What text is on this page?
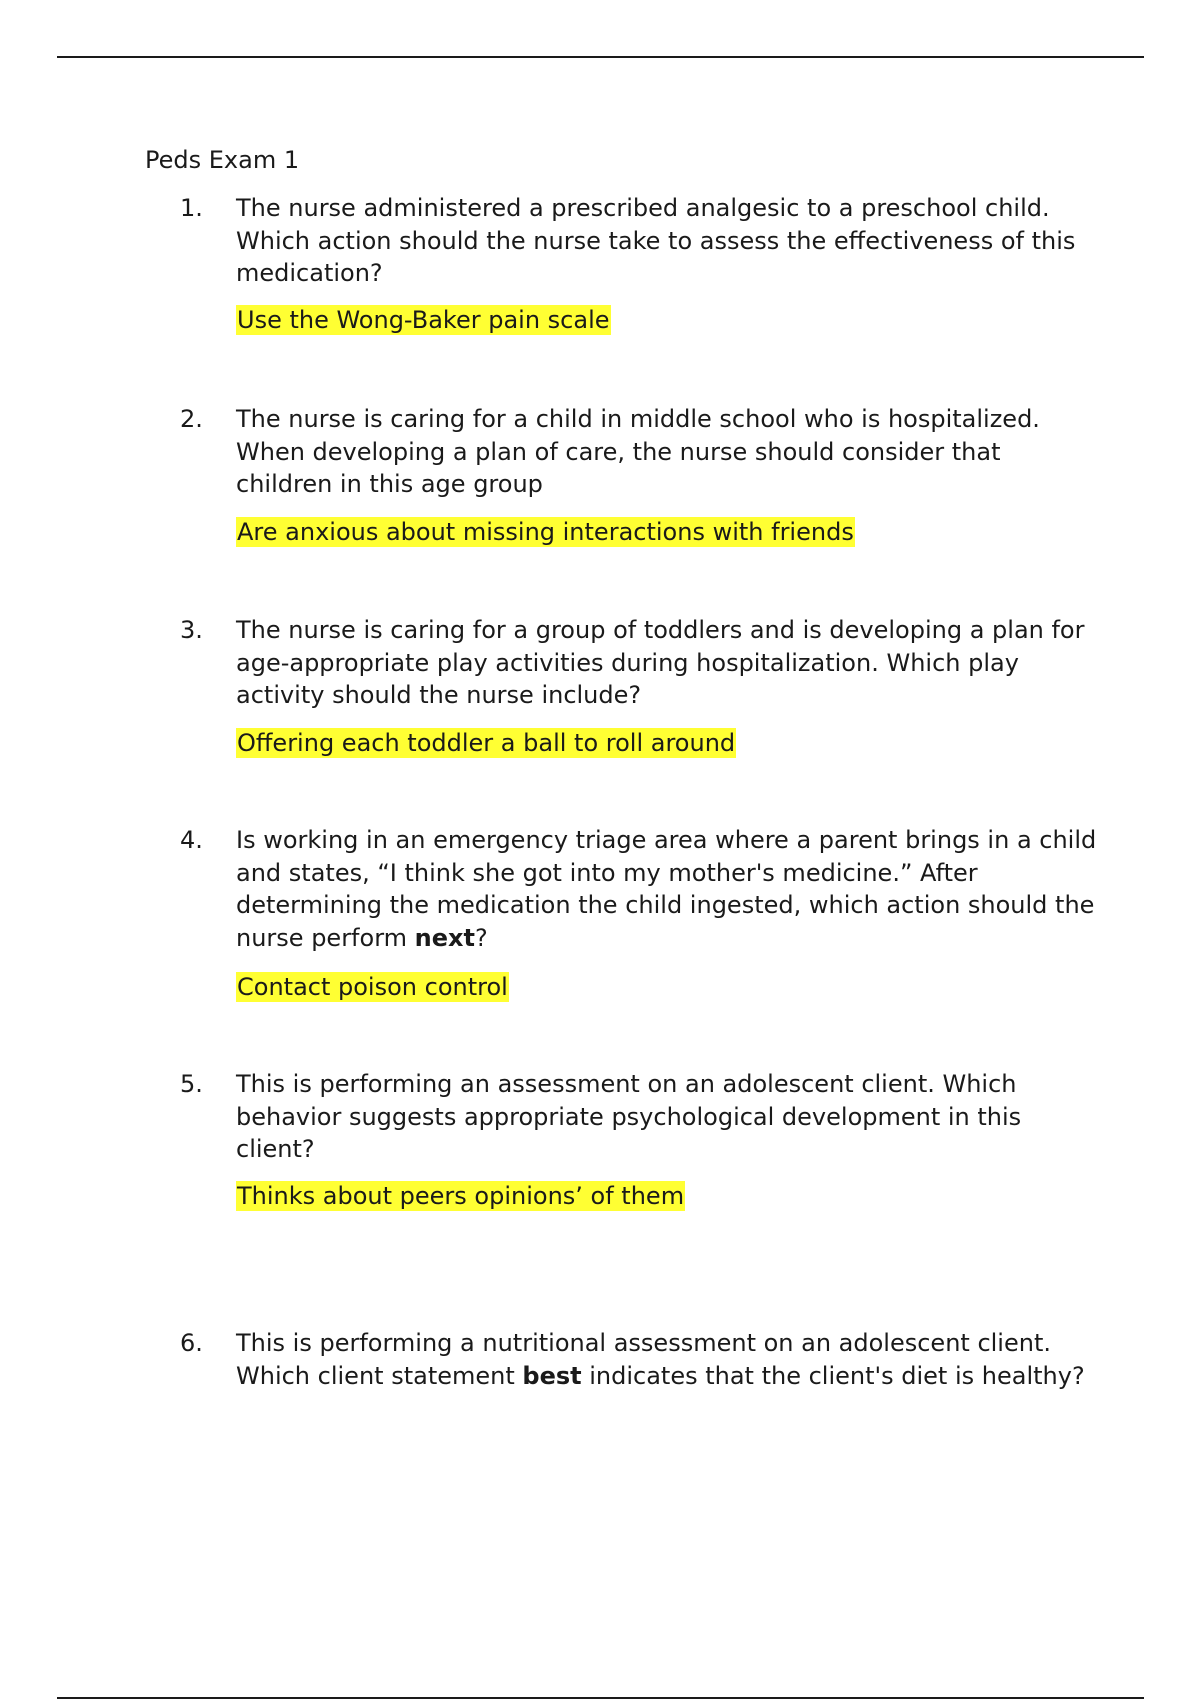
Peds Exam 1
1. The nurse administered a prescribed analgesic to a preschool child. Which action should the nurse take to assess the effectiveness of this medication?

Use the Wong-Baker pain scale
2. The nurse is caring for a child in middle school who is hospitalized. When developing a plan of care, the nurse should consider that children in this age group

Are anxious about missing interactions with friends
3. The nurse is caring for a group of toddlers and is developing a plan for age-appropriate play activities during hospitalization. Which play activity should the nurse include?

Offering each toddler a ball to roll around
4. Is working in an emergency triage area where a parent brings in a child and states, “I think she got into my mother's medicine.” After determining the medication the child ingested, which action should the nurse perform next?

Contact poison control
5. This is performing an assessment on an adolescent client. Which behavior suggests appropriate psychological development in this client?

Thinks about peers opinions’ of them
6. This is performing a nutritional assessment on an adolescent client. Which client statement best indicates that the client's diet is healthy?
